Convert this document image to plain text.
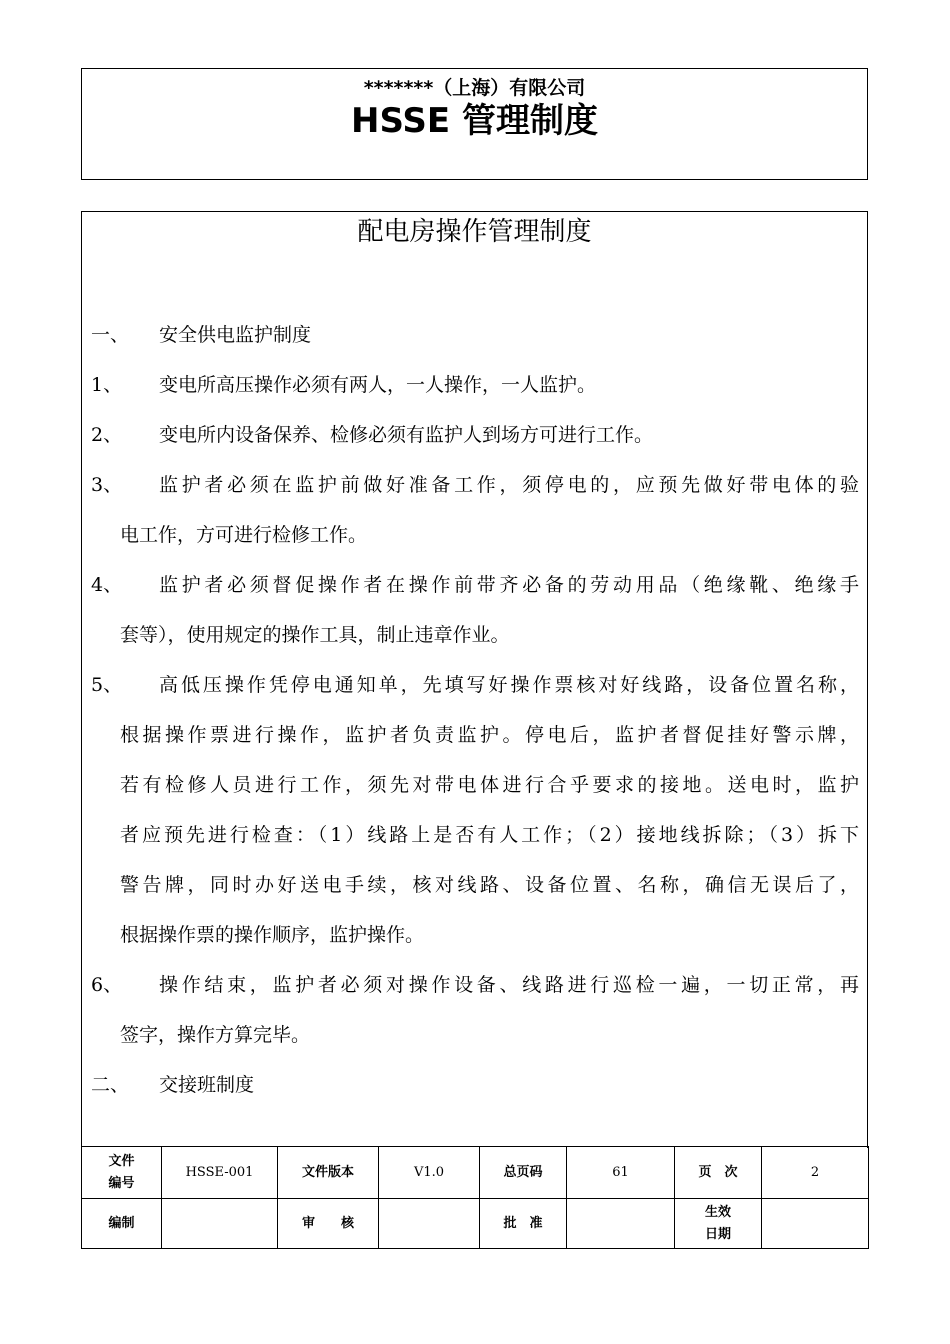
*******（上海）有限公司
HSSE 管理制度
配电房操作管理制度
一、	安全供电监护制度
1、	变电所高压操作必须有两人，一人操作，一人监护。
2、	变电所内设备保养、检修必须有监护人到场方可进行工作。
3、	监护者必须在监护前做好准备工作，须停电的，应预先做好带电体的验
电工作，方可进行检修工作。
4、	监护者必须督促操作者在操作前带齐必备的劳动用品（绝缘靴、绝缘手
套等），使用规定的操作工具，制止违章作业。
5、	高低压操作凭停电通知单，先填写好操作票核对好线路，设备位置名称，
根据操作票进行操作，监护者负责监护。停电后，监护者督促挂好警示牌，
若有检修人员进行工作，须先对带电体进行合乎要求的接地。送电时，监护
者应预先进行检查：（1）线路上是否有人工作；（2）接地线拆除；（3）拆下
警告牌，同时办好送电手续，核对线路、设备位置、名称，确信无误后了，
根据操作票的操作顺序，监护操作。
6、	操作结束，监护者必须对操作设备、线路进行巡检一遍，一切正常，再
签字，操作方算完毕。
二、	交接班制度
文件
编号	HSSE-001	文件版本	V1.0	总页码	61	页　次	2
编制		审　　核		批　准		生效
日期	
